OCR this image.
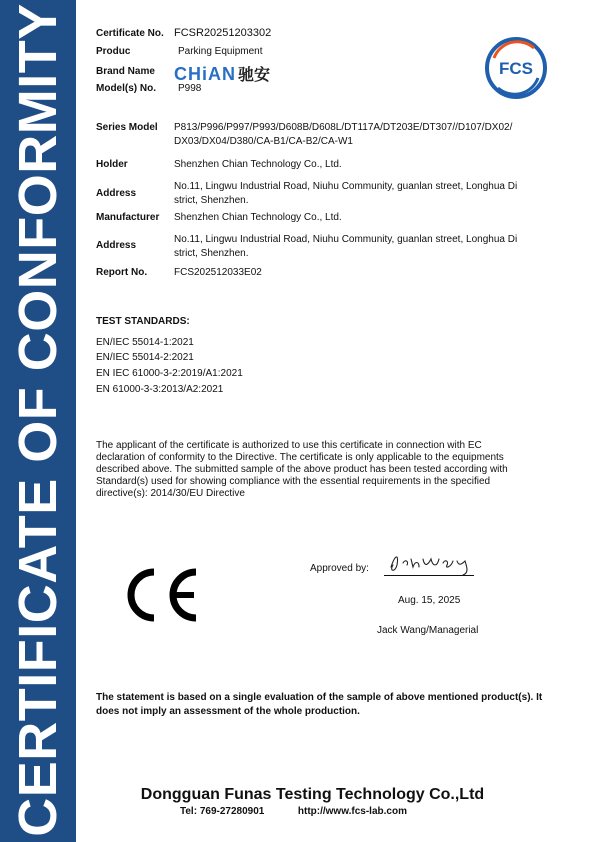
CERTIFICATE OF CONFORMITY	Certificate No. FCSR20251203302
Produc	Parking Equipment
Brand Name CHiAN 驰安
Model(s) No. P998
FCS
Series Model P813/P996/P997/P993/D608B/D608L/DT117A/DT203E/DT307//D107/DX02/
DX03/DX04/D380/CA-B1/CA-B2/CA-W1
Holder	Shenzhen Chian Technology Co., Ltd.
Address
No.11, Lingwu Industrial Road, Niuhu Community, guanlan street, Longhua Di
strict, Shenzhen.
Manufacturer Shenzhen Chian Technology Co., Ltd.
Address
No.11, Lingwu Industrial Road, Niuhu Community, guanlan street, Longhua Di
strict, Shenzhen.
Report No.	FCS202512033E02
TEST STANDARDS:
EN/IEC 55014-1:2021
EN/IEC 55014-2:2021
EN IEC 61000-3-2:2019/A1:2021
EN 61000-3-3:2013/A2:2021
The applicant of the certificate is authorized to use this certificate in connection with EC
declaration of conformity to the Directive. The certificate is only applicable to the equipments
described above. The submitted sample of the above product has been tested according with
Standard(s) used for showing compliance with the essential requirements in the specified
directive(s): 2014/30/EU Directive
Approved by:
Aug. 15, 2025
Jack Wang/Managerial
The statement is based on a single evaluation of the sample of above mentioned product(s). It
does not imply an assessment of the whole production.
Dongguan Funas Testing Technology Co.,Ltd
Tel: 769-27280901	http://www.fcs-lab.com
